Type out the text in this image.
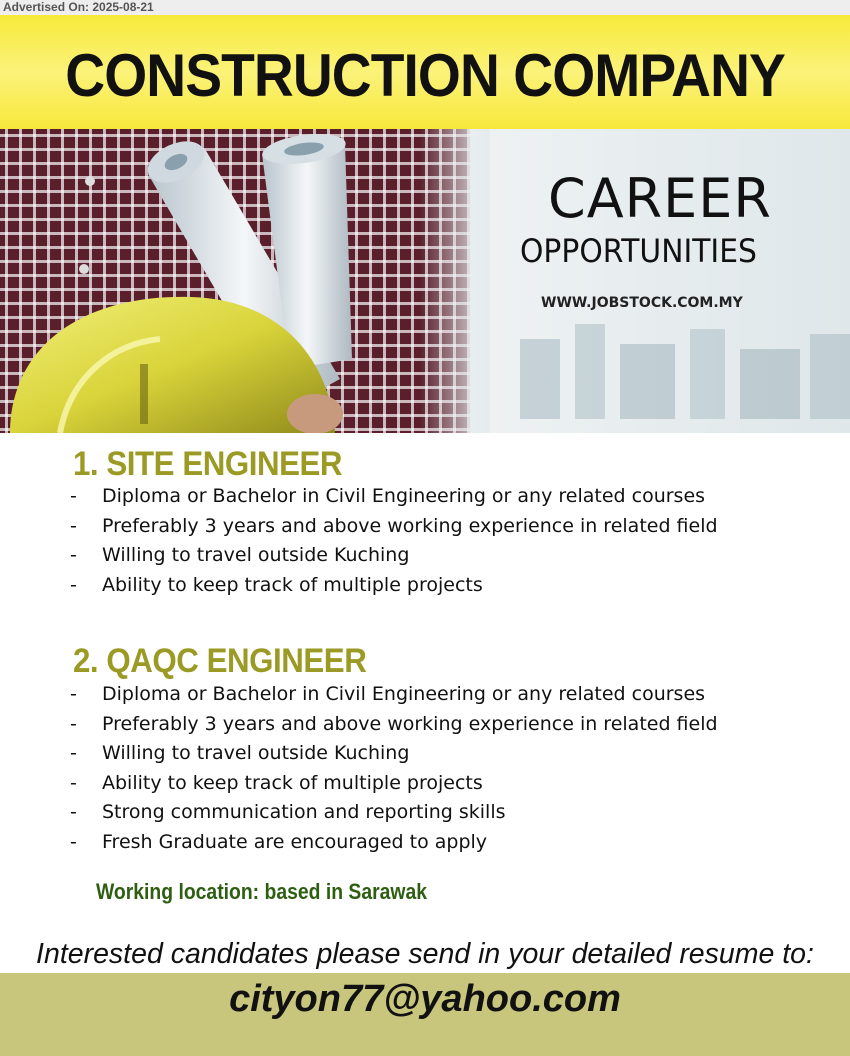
Advertised On: 2025-08-21
CONSTRUCTION COMPANY
CAREER
OPPORTUNITIES
WWW.JOBSTOCK.COM.MY
1. SITE ENGINEER
- Diploma or Bachelor in Civil Engineering or any related courses
- Preferably 3 years and above working experience in related field
- Willing to travel outside Kuching
- Ability to keep track of multiple projects
2. QAQC ENGINEER
- Diploma or Bachelor in Civil Engineering or any related courses
- Preferably 3 years and above working experience in related field
- Willing to travel outside Kuching
- Ability to keep track of multiple projects
- Strong communication and reporting skills
- Fresh Graduate are encouraged to apply
Working location: based in Sarawak
Interested candidates please send in your detailed resume to:
cityon77@yahoo.com
